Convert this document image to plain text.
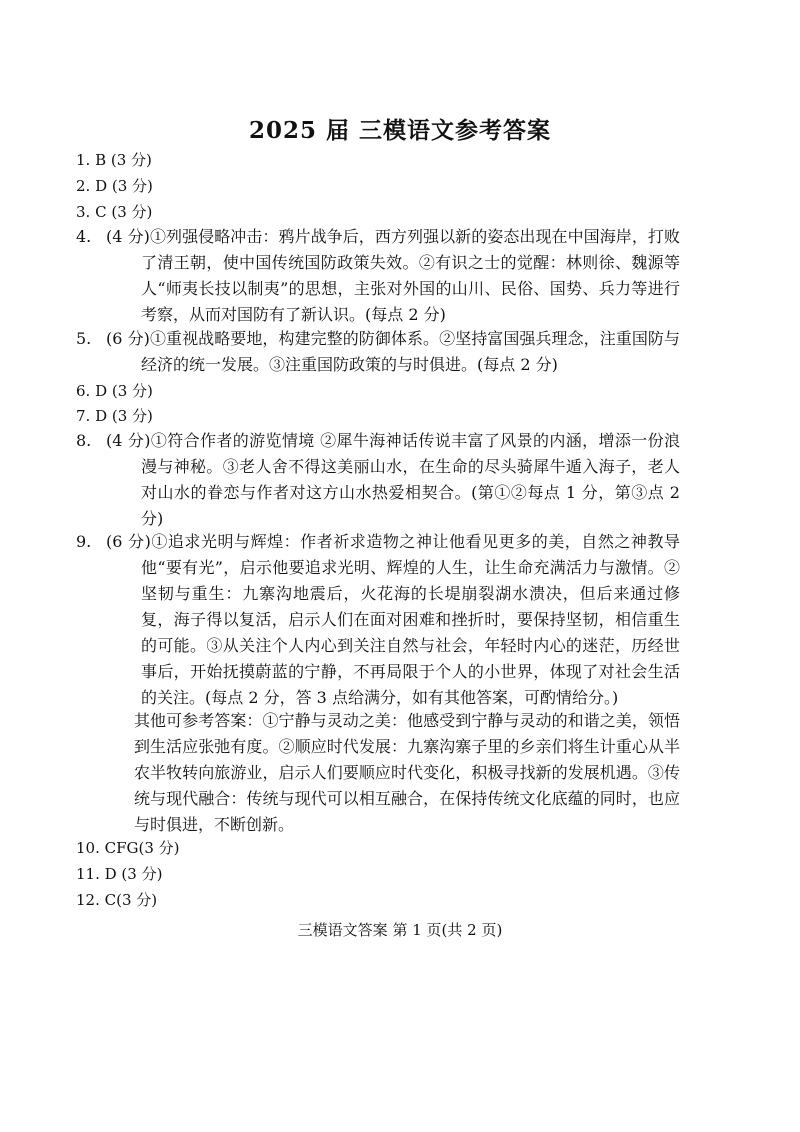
2025 届 三模语文参考答案
1. B (3 分)
2. D (3 分)
3. C (3 分)
4. (4 分)①列强侵略冲击：鸦片战争后，西方列强以新的姿态出现在中国海岸，打败了清王朝，使中国传统国防政策失效。②有识之士的觉醒：林则徐、魏源等人“师夷长技以制夷”的思想，主张对外国的山川、民俗、国势、兵力等进行考察，从而对国防有了新认识。(每点 2 分)
5. (6 分)①重视战略要地，构建完整的防御体系。②坚持富国强兵理念，注重国防与经济的统一发展。③注重国防政策的与时俱进。(每点 2 分)
6. D (3 分)
7. D (3 分)
8. (4 分)①符合作者的游览情境 ②犀牛海神话传说丰富了风景的内涵，增添一份浪漫与神秘。③老人舍不得这美丽山水，在生命的尽头骑犀牛遁入海子，老人对山水的眷恋与作者对这方山水热爱相契合。(第①②每点 1 分，第③点 2 分)
9. (6 分)①追求光明与辉煌：作者祈求造物之神让他看见更多的美，自然之神教导他“要有光”，启示他要追求光明、辉煌的人生，让生命充满活力与激情。②坚韧与重生：九寨沟地震后，火花海的长堤崩裂湖水溃决，但后来通过修复，海子得以复活，启示人们在面对困难和挫折时，要保持坚韧，相信重生的可能。③从关注个人内心到关注自然与社会，年轻时内心的迷茫，历经世事后，开始抚摸蔚蓝的宁静，不再局限于个人的小世界，体现了对社会生活的关注。(每点 2 分，答 3 点给满分，如有其他答案，可酌情给分。)
其他可参考答案：①宁静与灵动之美：他感受到宁静与灵动的和谐之美，领悟到生活应张弛有度。②顺应时代发展：九寨沟寨子里的乡亲们将生计重心从半农半牧转向旅游业，启示人们要顺应时代变化，积极寻找新的发展机遇。③传统与现代融合：传统与现代可以相互融合，在保持传统文化底蕴的同时，也应与时俱进，不断创新。
10. CFG(3 分)
11. D (3 分)
12. C(3 分)
三模语文答案 第 1 页(共 2 页)
